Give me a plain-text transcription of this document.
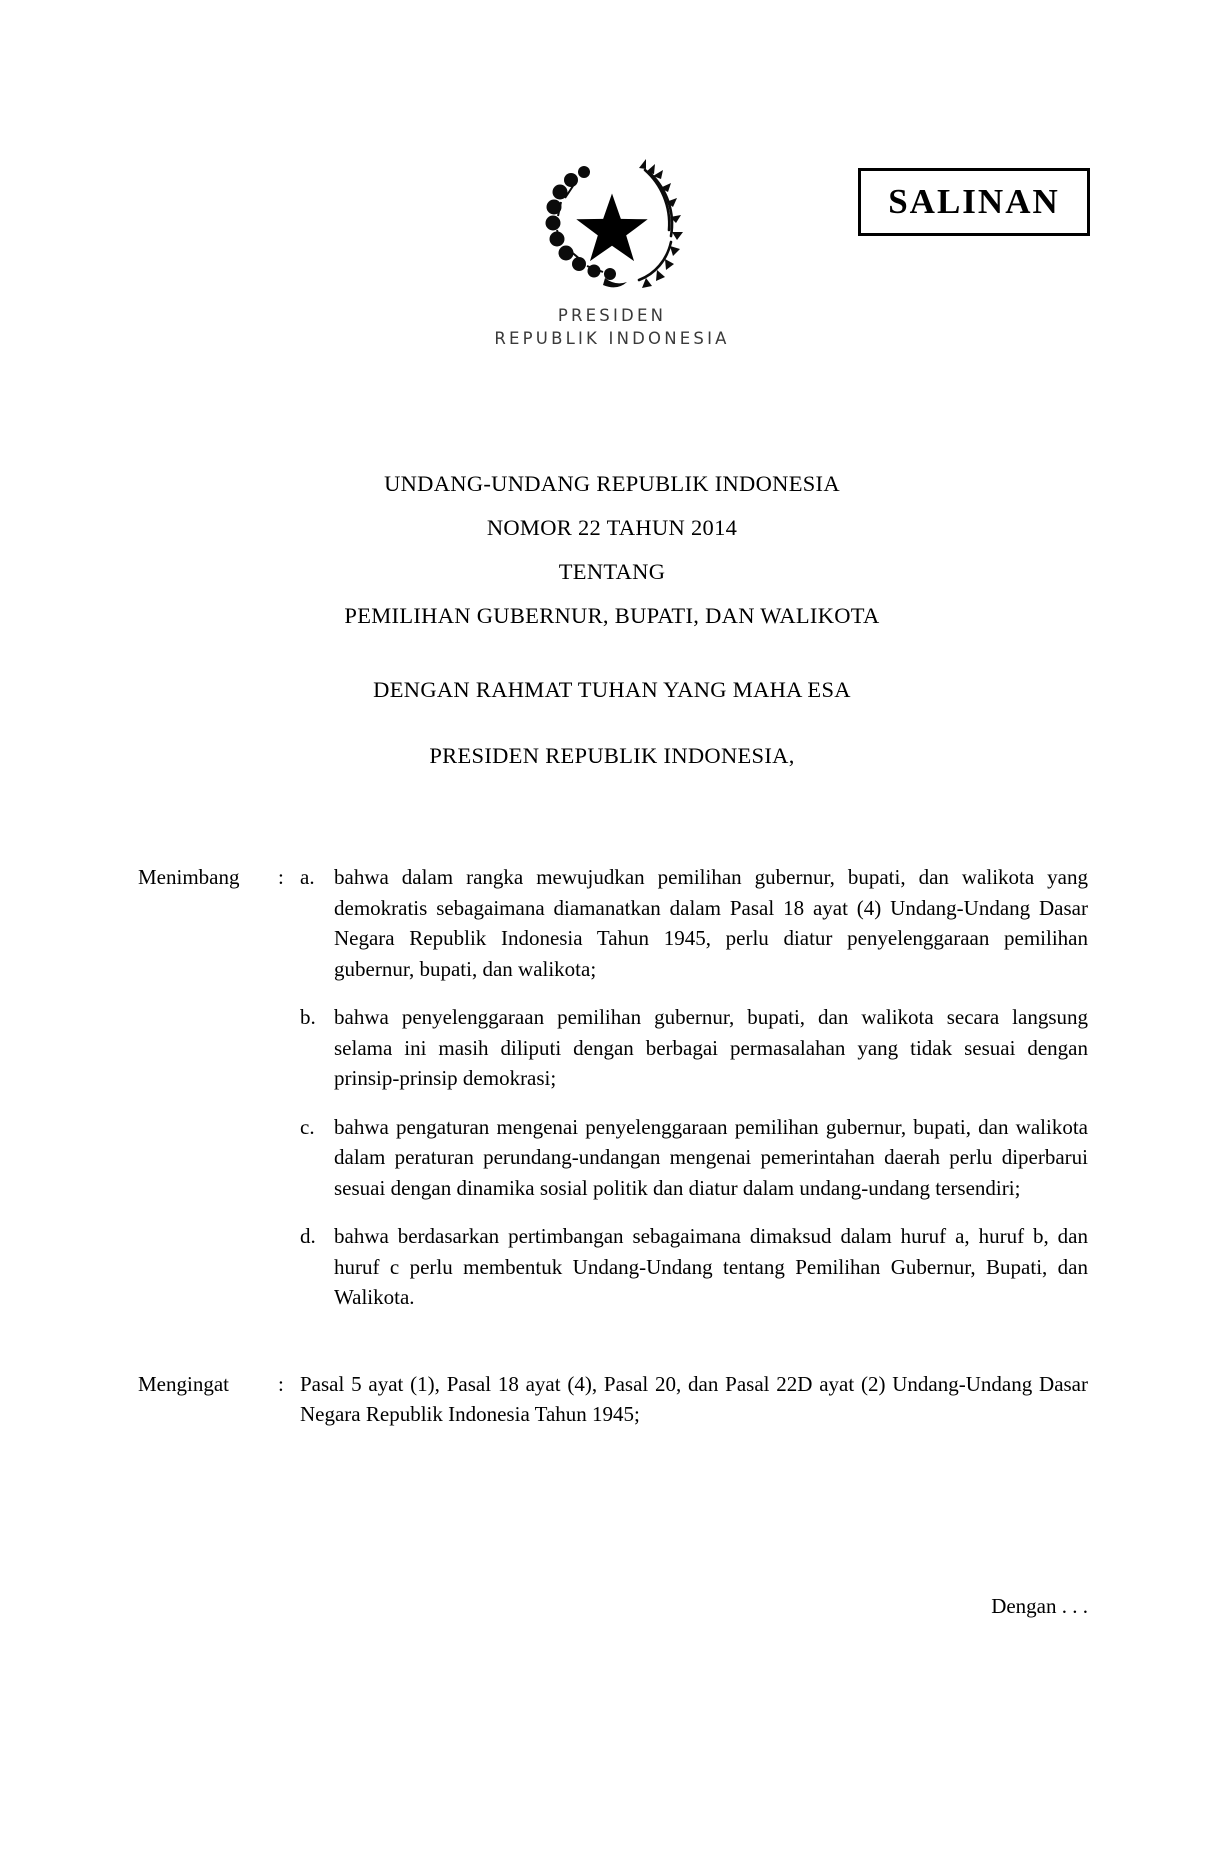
PRESIDEN
REPUBLIK INDONESIA
SALINAN
UNDANG-UNDANG REPUBLIK INDONESIA
NOMOR 22 TAHUN 2014
TENTANG
PEMILIHAN GUBERNUR, BUPATI, DAN WALIKOTA
DENGAN RAHMAT TUHAN YANG MAHA ESA
PRESIDEN REPUBLIK INDONESIA,
Menimbang	: a. bahwa dalam rangka mewujudkan pemilihan gubernur, bupati, dan walikota yang demokratis sebagaimana diamanatkan dalam Pasal 18 ayat (4) Undang-Undang Dasar Negara Republik Indonesia Tahun 1945, perlu diatur penyelenggaraan pemilihan gubernur, bupati, dan walikota;
b. bahwa penyelenggaraan pemilihan gubernur, bupati, dan walikota secara langsung selama ini masih diliputi dengan berbagai permasalahan yang tidak sesuai dengan prinsip-prinsip demokrasi;
c. bahwa pengaturan mengenai penyelenggaraan pemilihan gubernur, bupati, dan walikota dalam peraturan perundang-undangan mengenai pemerintahan daerah perlu diperbarui sesuai dengan dinamika sosial politik dan diatur dalam undang-undang tersendiri;
d. bahwa berdasarkan pertimbangan sebagaimana dimaksud dalam huruf a, huruf b, dan huruf c perlu membentuk Undang-Undang tentang Pemilihan Gubernur, Bupati, dan Walikota.
Mengingat	: Pasal 5 ayat (1), Pasal 18 ayat (4), Pasal 20, dan Pasal 22D ayat (2) Undang-Undang Dasar Negara Republik Indonesia Tahun 1945;
Dengan . . .
